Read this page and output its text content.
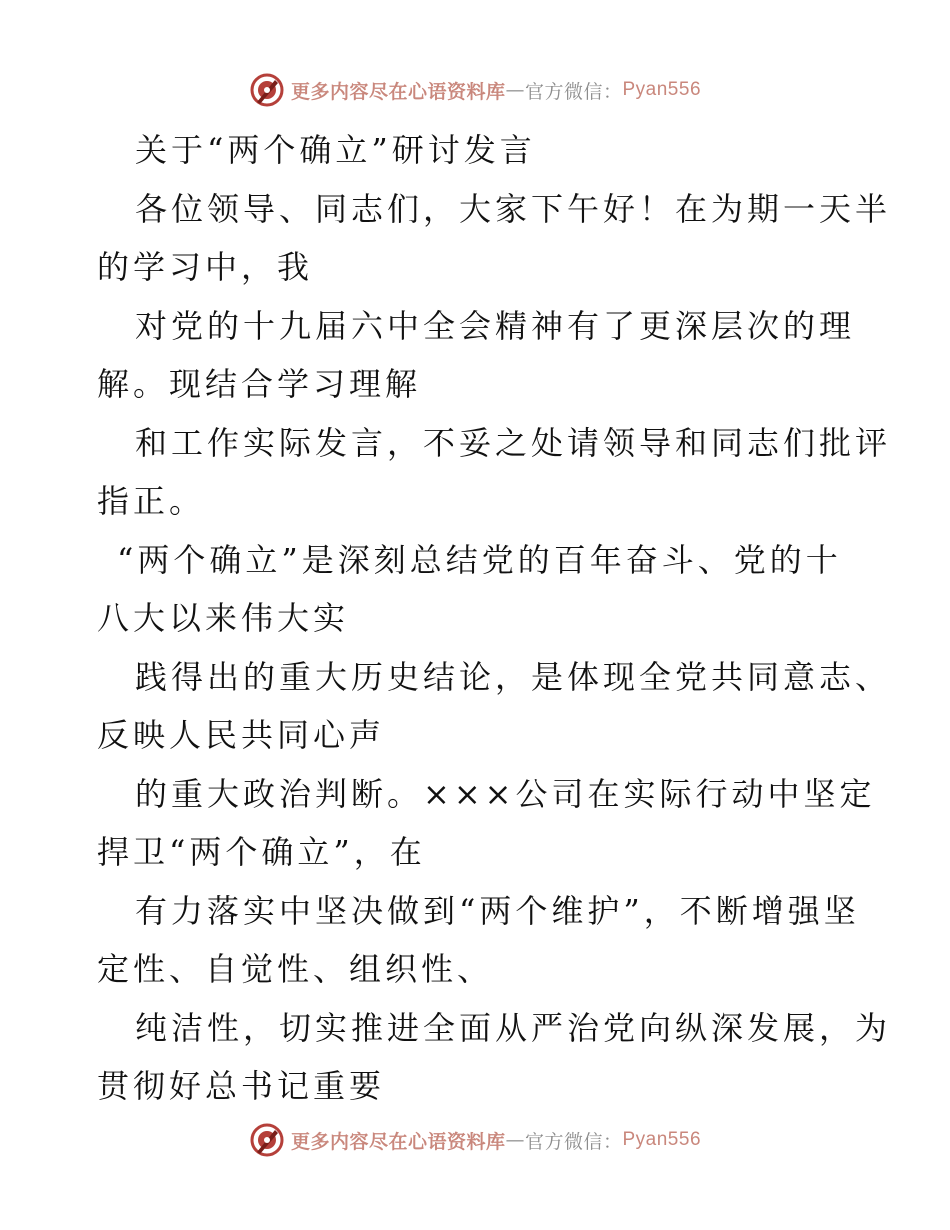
更多内容尽在心语资料库 — 官方微信： Pyan556
关于“两个确立”研讨发言
各位领导、同志们，大家下午好！在为期一天半
的学习中，我
对党的十九届六中全会精神有了更深层次的理
解。现结合学习理解
和工作实际发言，不妥之处请领导和同志们批评
指正。
“两个确立”是深刻总结党的百年奋斗、党的十
八大以来伟大实
践得出的重大历史结论，是体现全党共同意志、
反映人民共同心声
的重大政治判断。×××公司在实际行动中坚定
捍卫“两个确立”，在
有力落实中坚决做到“两个维护”，不断增强坚
定性、自觉性、组织性、
纯洁性，切实推进全面从严治党向纵深发展，为
贯彻好总书记重要
更多内容尽在心语资料库 — 官方微信： Pyan556
